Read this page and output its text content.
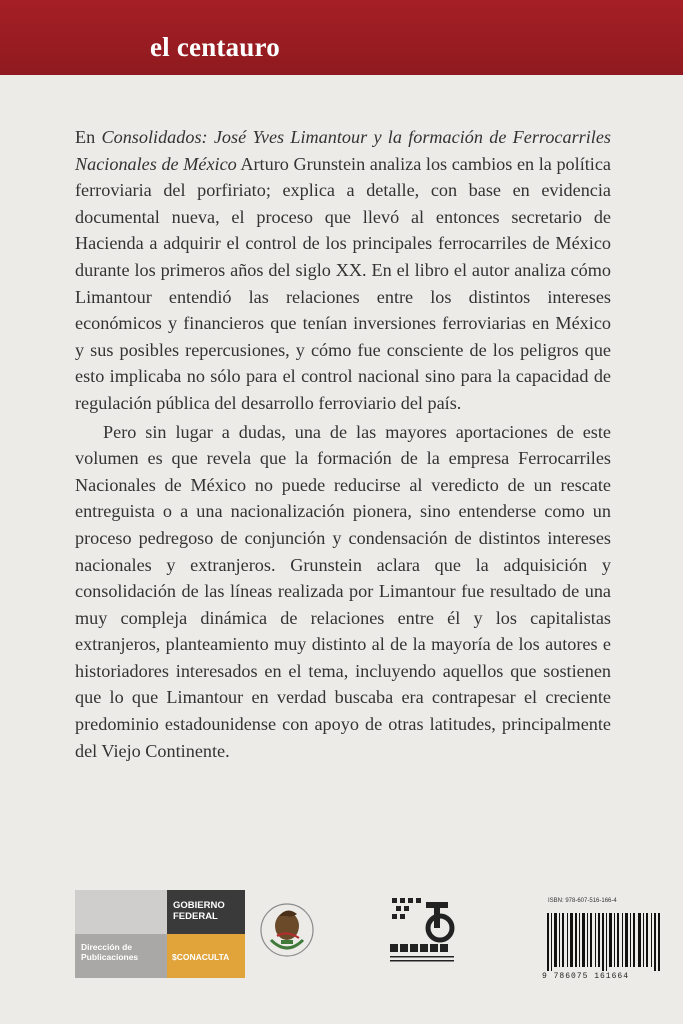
el centauro

En Consolidados: José Yves Limantour y la formación de Ferrocarriles Nacionales de México Arturo Grunstein analiza los cambios en la política ferroviaria del porfiriato; explica a detalle, con base en evidencia documental nueva, el proceso que llevó al entonces secretario de Hacienda a adquirir el control de los principales ferrocarriles de México durante los primeros años del siglo XX. En el libro el autor analiza cómo Limantour entendió las relaciones entre los distintos intereses económicos y financieros que tenían inversiones ferroviarias en México y sus posibles repercusiones, y cómo fue consciente de los peligros que esto implicaba no sólo para el control nacional sino para la capacidad de regulación pública del desarrollo ferroviario del país.

Pero sin lugar a dudas, una de las mayores aportaciones de este volumen es que revela que la formación de la empresa Ferrocarriles Nacionales de México no puede reducirse al veredicto de un rescate entreguista o a una nacionalización pionera, sino entenderse como un proceso pedregoso de conjunción y condensación de distintos intereses nacionales y extranjeros. Grunstein aclara que la adquisición y consolidación de las líneas realizada por Limantour fue resultado de una muy compleja dinámica de relaciones entre él y los capitalistas extranjeros, planteamiento muy distinto al de la mayoría de los autores e historiadores interesados en el tema, incluyendo aquellos que sostienen que lo que Limantour en verdad buscaba era contrapesar el creciente predominio estadounidense con apoyo de otras latitudes, principalmente del Viejo Continente.

Dirección de Publicaciones
GOBIERNO FEDERAL
$CONACULTA
ISBN: 978-607-516-166-4
9 786075 161664
